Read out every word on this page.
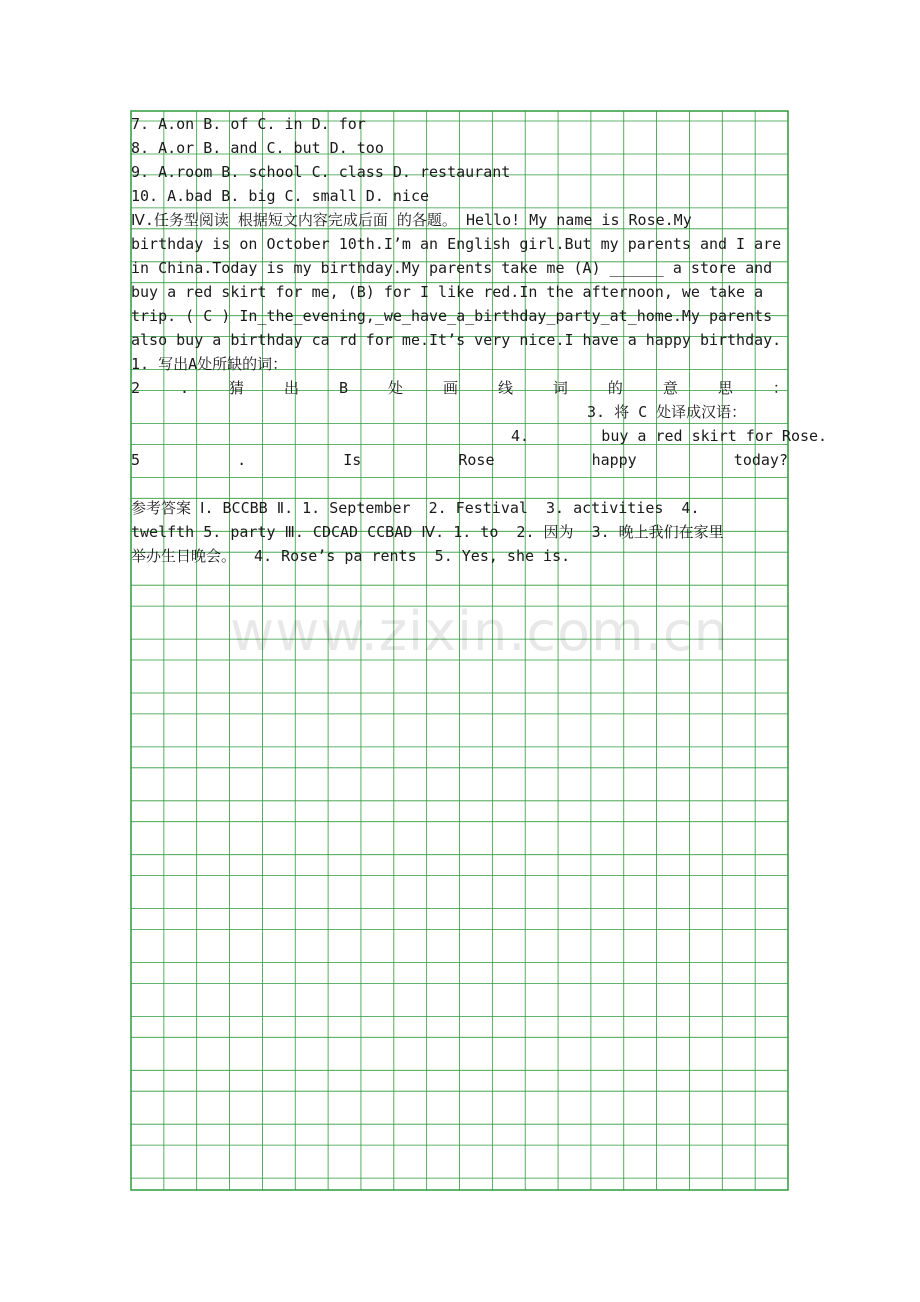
7. A.on B. of C. in D. for
8. A.or B. and C. but D. too
9. A.room B. school C. class D. restaurant
10. A.bad B. big C. small D. nice
Ⅳ.任务型阅读 根据短文内容完成后面 的各题。 Hello! My name is Rose.My
birthday is on October 10th.I’m an English girl.But my parents and I are
in China.Today is my birthday.My parents take me (A) ______ a store and
buy a red skirt for me, (B) for I like red.In the afternoon, we take a
trip. ( C ) In_the_evening,_we_have_a_birthday_party_at_home.My parents
also buy a birthday ca rd for me.It’s very nice.I have a happy birthday.
1. 写出A处所缺的词：
2	.	猜	出	B	处	画	线	词	的	意	思	：
3. 将 C 处译成汉语：
4.        buy a red skirt for Rose.
5	.	Is	Rose	happy	today?
参考答案 Ⅰ. BCCBB Ⅱ. 1. September  2. Festival  3. activities  4.
twelfth 5. party Ⅲ. CDCAD CCBAD Ⅳ. 1. to  2. 因为  3. 晚上我们在家里
举办生日晚会。  4. Rose’s pa rents  5. Yes, she is.
www.zixin.com.cn
